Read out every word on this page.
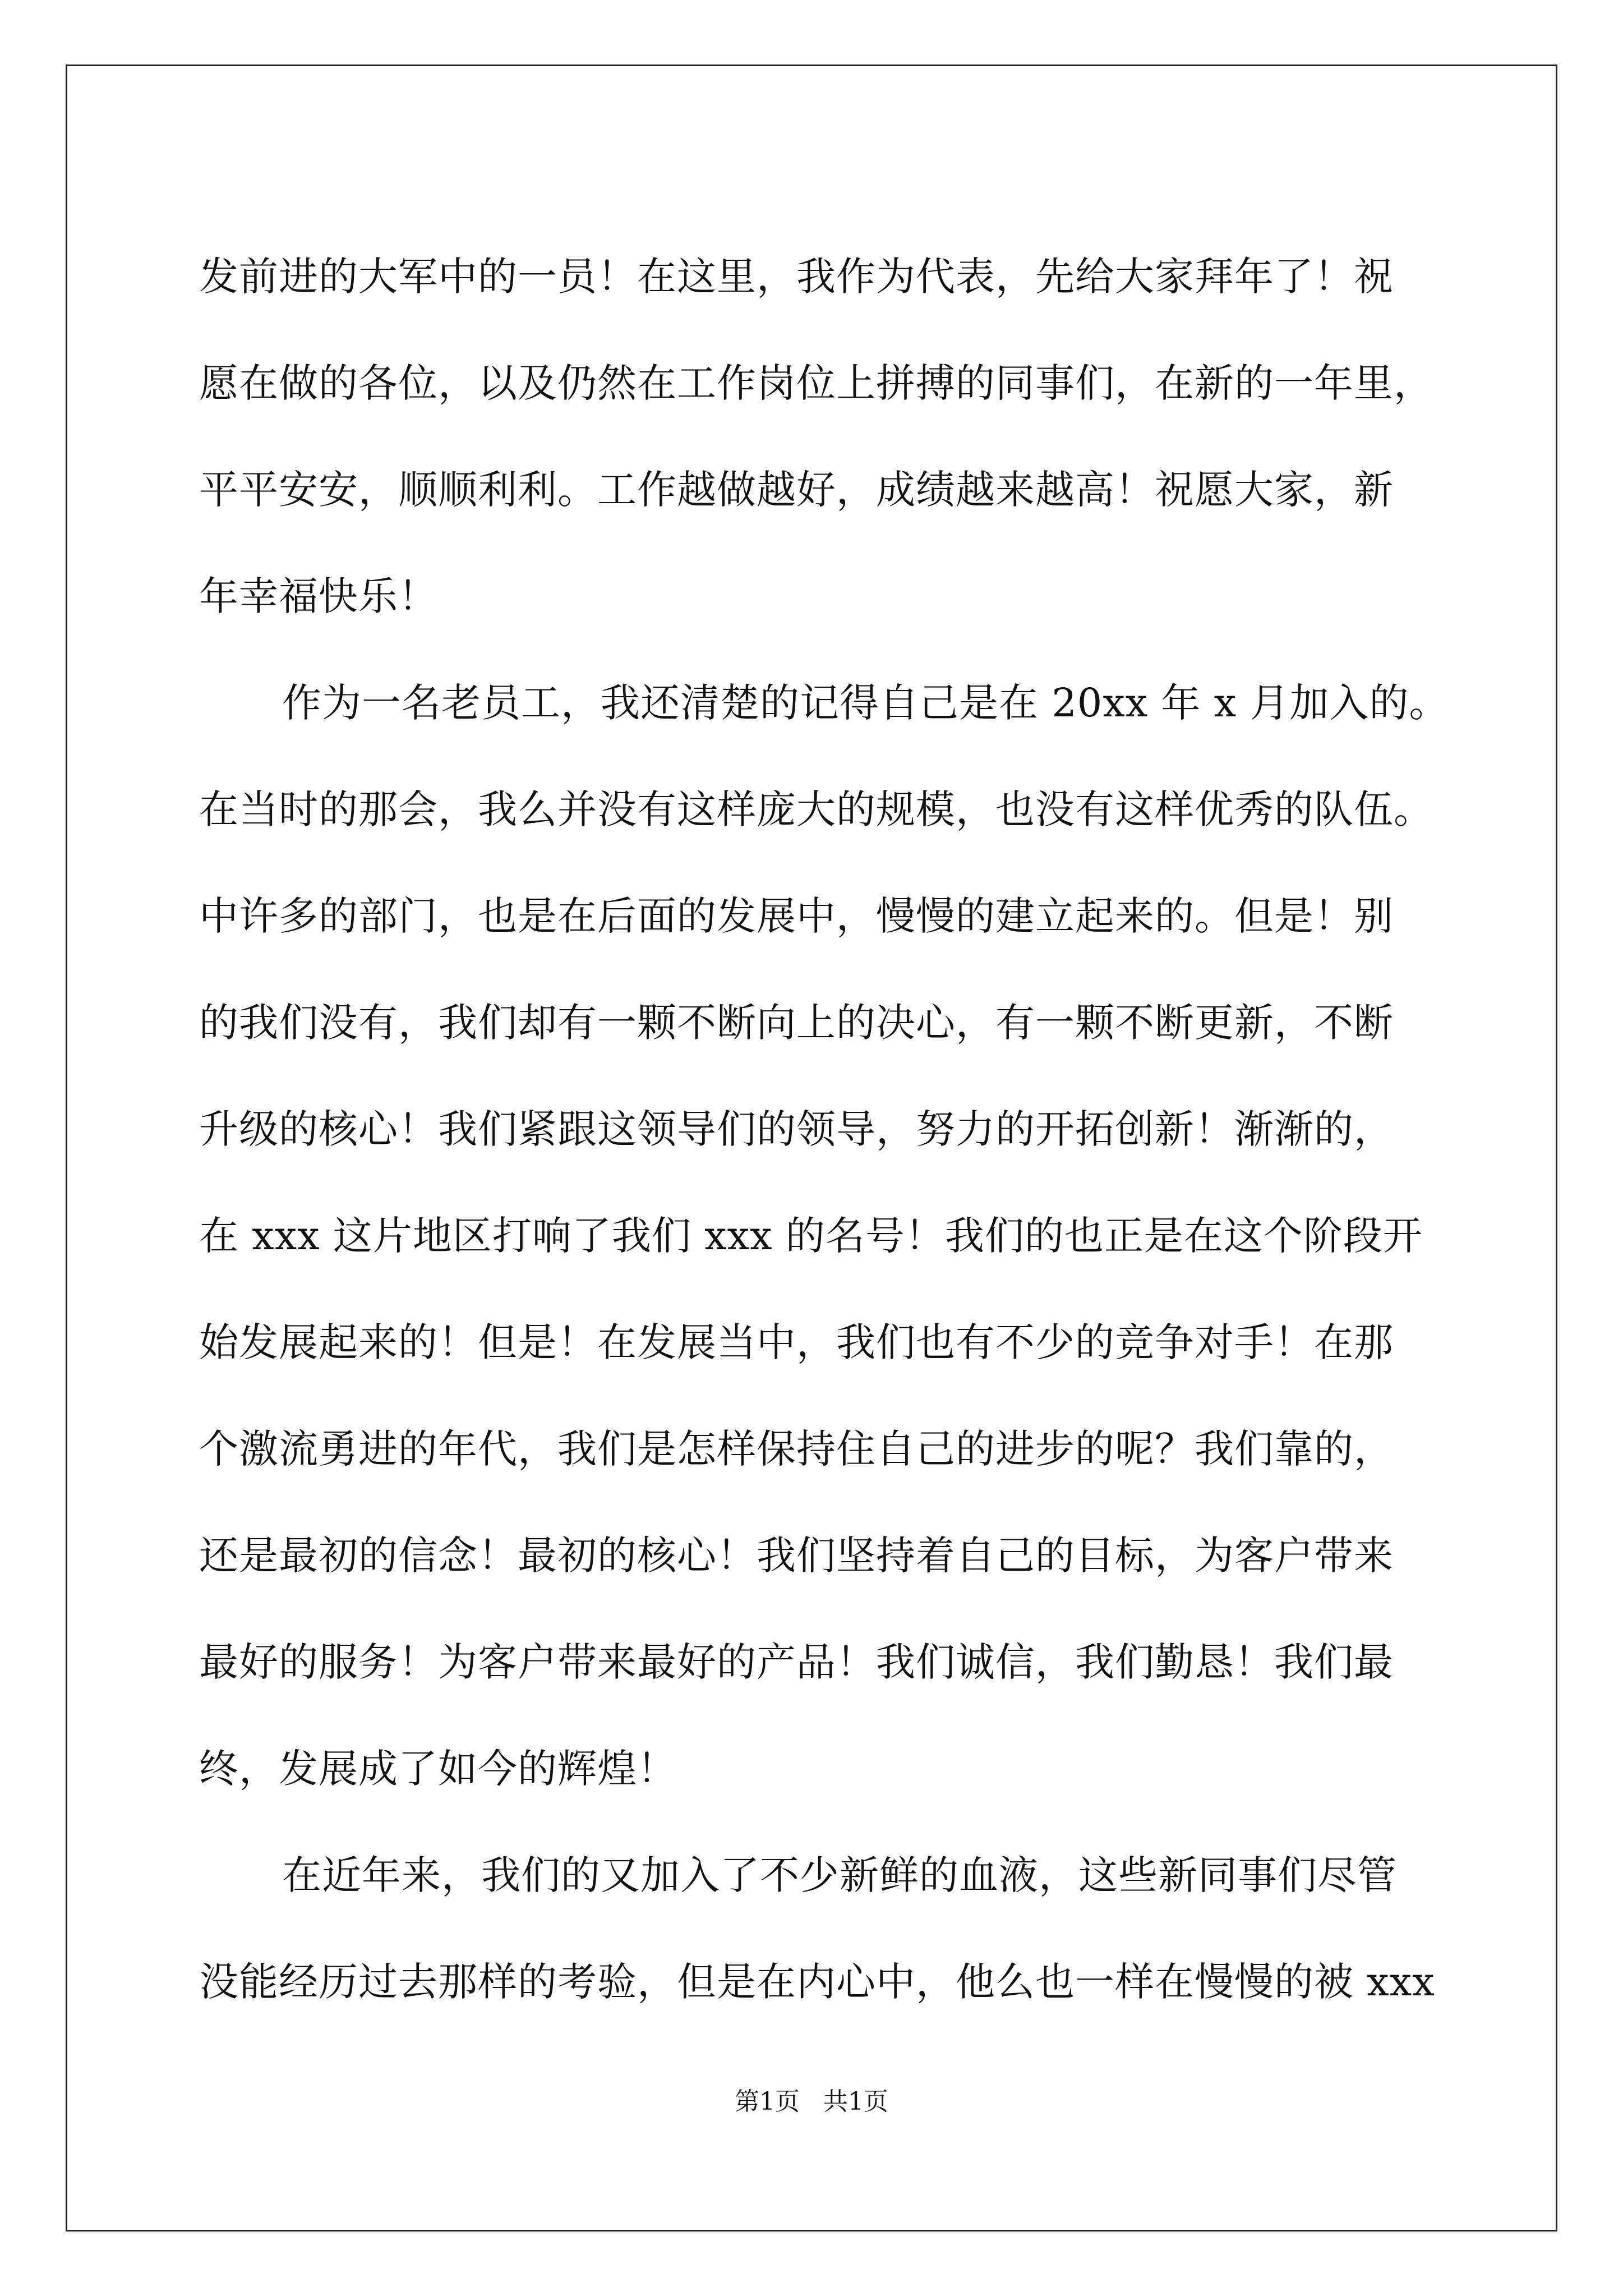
发前进的大军中的一员！在这里，我作为代表，先给大家拜年了！祝
愿在做的各位，以及仍然在工作岗位上拼搏的同事们，在新的一年里，
平平安安，顺顺利利。工作越做越好，成绩越来越高！祝愿大家，新
年幸福快乐！
作为一名老员工，我还清楚的记得自己是在 20xx 年 x 月加入的。
在当时的那会，我么并没有这样庞大的规模，也没有这样优秀的队伍。
中许多的部门，也是在后面的发展中，慢慢的建立起来的。但是！别
的我们没有，我们却有一颗不断向上的决心，有一颗不断更新，不断
升级的核心！我们紧跟这领导们的领导，努力的开拓创新！渐渐的，
在 xxx 这片地区打响了我们 xxx 的名号！我们的也正是在这个阶段开
始发展起来的！但是！在发展当中，我们也有不少的竞争对手！在那
个激流勇进的年代，我们是怎样保持住自己的进步的呢？我们靠的，
还是最初的信念！最初的核心！我们坚持着自己的目标，为客户带来
最好的服务！为客户带来最好的产品！我们诚信，我们勤恳！我们最
终，发展成了如今的辉煌！
在近年来，我们的又加入了不少新鲜的血液，这些新同事们尽管
没能经历过去那样的考验，但是在内心中，他么也一样在慢慢的被 xxx
第1页   共1页
